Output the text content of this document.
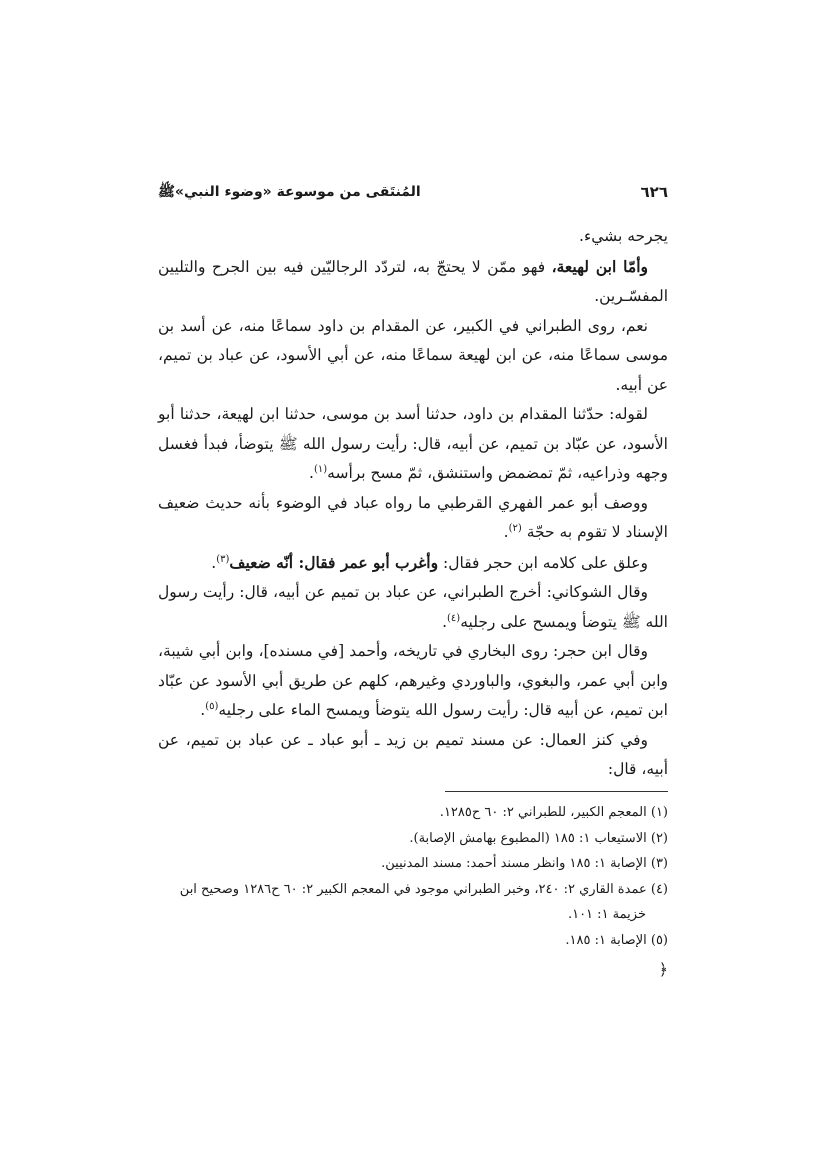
٦٢٦
المُنتَقى من موسوعة «وضوء النبي»ﷺ

يجرحه بشيء.

وأمّا ابن لهيعة، فهو ممّن لا يحتجّ به، لتردّد الرجاليّين فيه بين الجرح والتليين المفسّـرين.

نعم، روى الطبراني في الكبير، عن المقدام بن داود سماعًا منه، عن أسد بن موسى سماعًا منه، عن ابن لهيعة سماعًا منه، عن أبي الأسود، عن عباد بن تميم، عن أبيه.

لقوله: حدّثنا المقدام بن داود، حدثنا أسد بن موسى، حدثنا ابن لهيعة، حدثنا أبو الأسود، عن عبّاد بن تميم، عن أبيه، قال: رأيت رسول الله ﷺ يتوضأ، فبدأ فغسل وجهه وذراعيه، ثمّ تمضمض واستنشق، ثمّ مسح برأسه$^{(١)}$.

ووصف أبو عمر الفهري القرطبي ما رواه عباد في الوضوء بأنه حديث ضعيف الإسناد لا تقوم به حجّة $^{(٢)}$.

وعلق على كلامه ابن حجر فقال: وأغرب أبو عمر فقال: أنّه ضعيف$^{(٣)}$.

وقال الشوكاني: أخرج الطبراني، عن عباد بن تميم عن أبيه، قال: رأيت رسول الله ﷺ يتوضأ ويمسح على رجليه$^{(٤)}$.

وقال ابن حجر: روى البخاري في تاريخه، وأحمد [في مسنده]، وابن أبي شيبة، وابن أبي عمر، والبغوي، والباوردي وغيرهم، كلهم عن طريق أبي الأسود عن عبّاد ابن تميم، عن أبيه قال: رأيت رسول الله يتوضأ ويمسح الماء على رجليه$^{(٥)}$.

وفي كنز العمال: عن مسند تميم بن زيد ـ أبو عباد ـ عن عباد بن تميم، عن أبيه، قال:

(١) المعجم الكبير، للطبراني ٢: ٦٠ ح١٢٨٥.

(٢) الاستيعاب ١: ١٨٥ (المطبوع بهامش الإصابة).

(٣) الإصابة ١: ١٨٥ وانظر مسند أحمد: مسند المدنيين.

(٤) عمدة القاري ٢: ٢٤٠، وخبر الطبراني موجود في المعجم الكبير ٢: ٦٠ ح١٢٨٦ وصحيح ابن

خزيمة ١: ١٠١.

(٥) الإصابة ١: ١٨٥.

﴿
